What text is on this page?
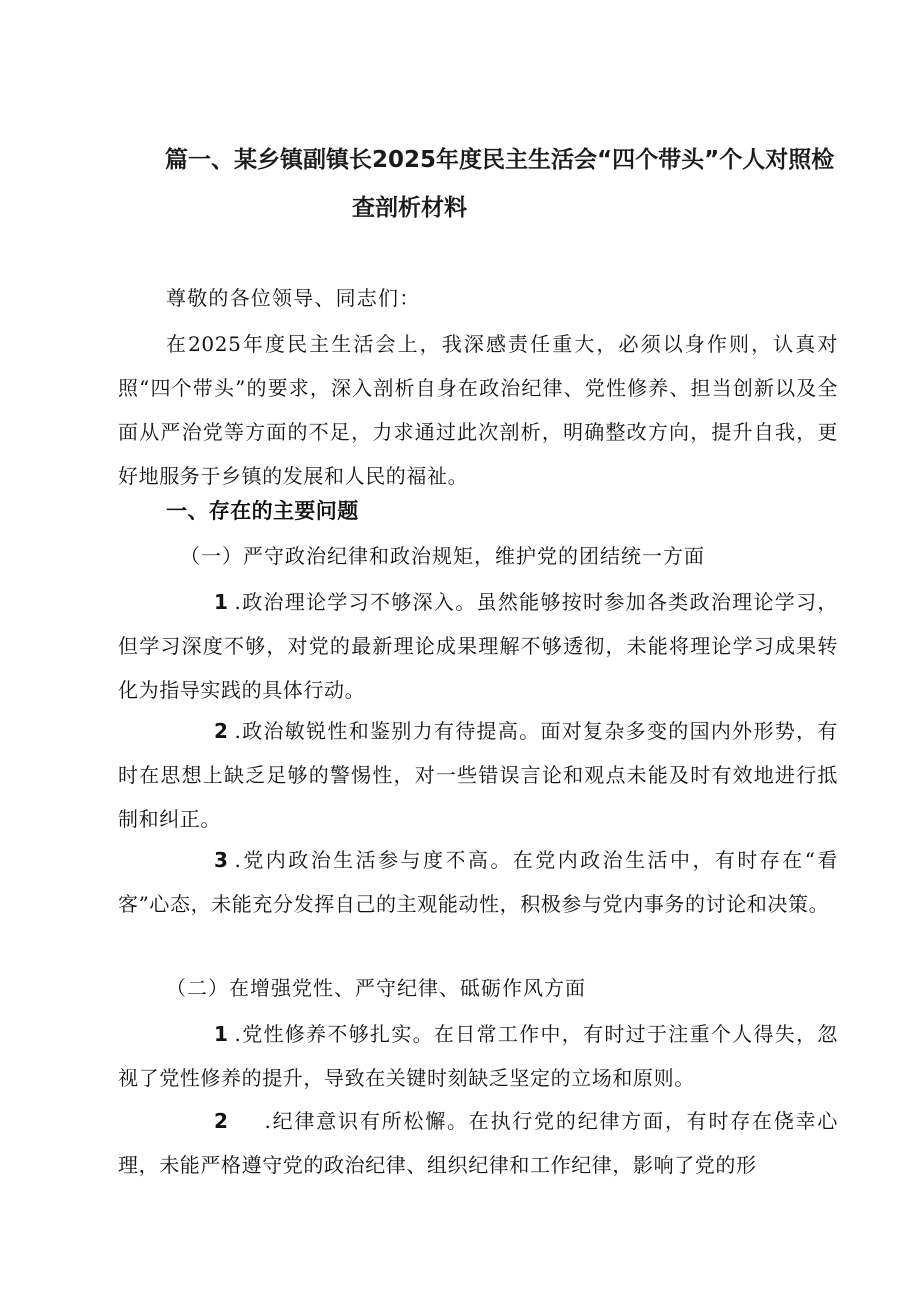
篇一、某乡镇副镇长2025年度民主生活会“四个带头”个人对照检
查剖析材料
尊敬的各位领导、同志们：

在2025年度民主生活会上，我深感责任重大，必须以身作则，认真对照“四个带头”的要求，深入剖析自身在政治纪律、党性修养、担当创新以及全面从严治党等方面的不足，力求通过此次剖析，明确整改方向，提升自我，更好地服务于乡镇的发展和人民的福祉。

一、存在的主要问题
（一）严守政治纪律和政治规矩，维护党的团结统一方面

1 .政治理论学习不够深入。虽然能够按时参加各类政治理论学习，但学习深度不够，对党的最新理论成果理解不够透彻，未能将理论学习成果转化为指导实践的具体行动。

2 .政治敏锐性和鉴别力有待提高。面对复杂多变的国内外形势，有时在思想上缺乏足够的警惕性，对一些错误言论和观点未能及时有效地进行抵制和纠正。

3 .党内政治生活参与度不高。在党内政治生活中，有时存在“看客”心态，未能充分发挥自己的主观能动性，积极参与党内事务的讨论和决策。

（二）在增强党性、严守纪律、砥砺作风方面

1 .党性修养不够扎实。在日常工作中，有时过于注重个人得失，忽视了党性修养的提升，导致在关键时刻缺乏坚定的立场和原则。

2 .纪律意识有所松懈。在执行党的纪律方面，有时存在侥幸心理，未能严格遵守党的政治纪律、组织纪律和工作纪律，影响了党的形
